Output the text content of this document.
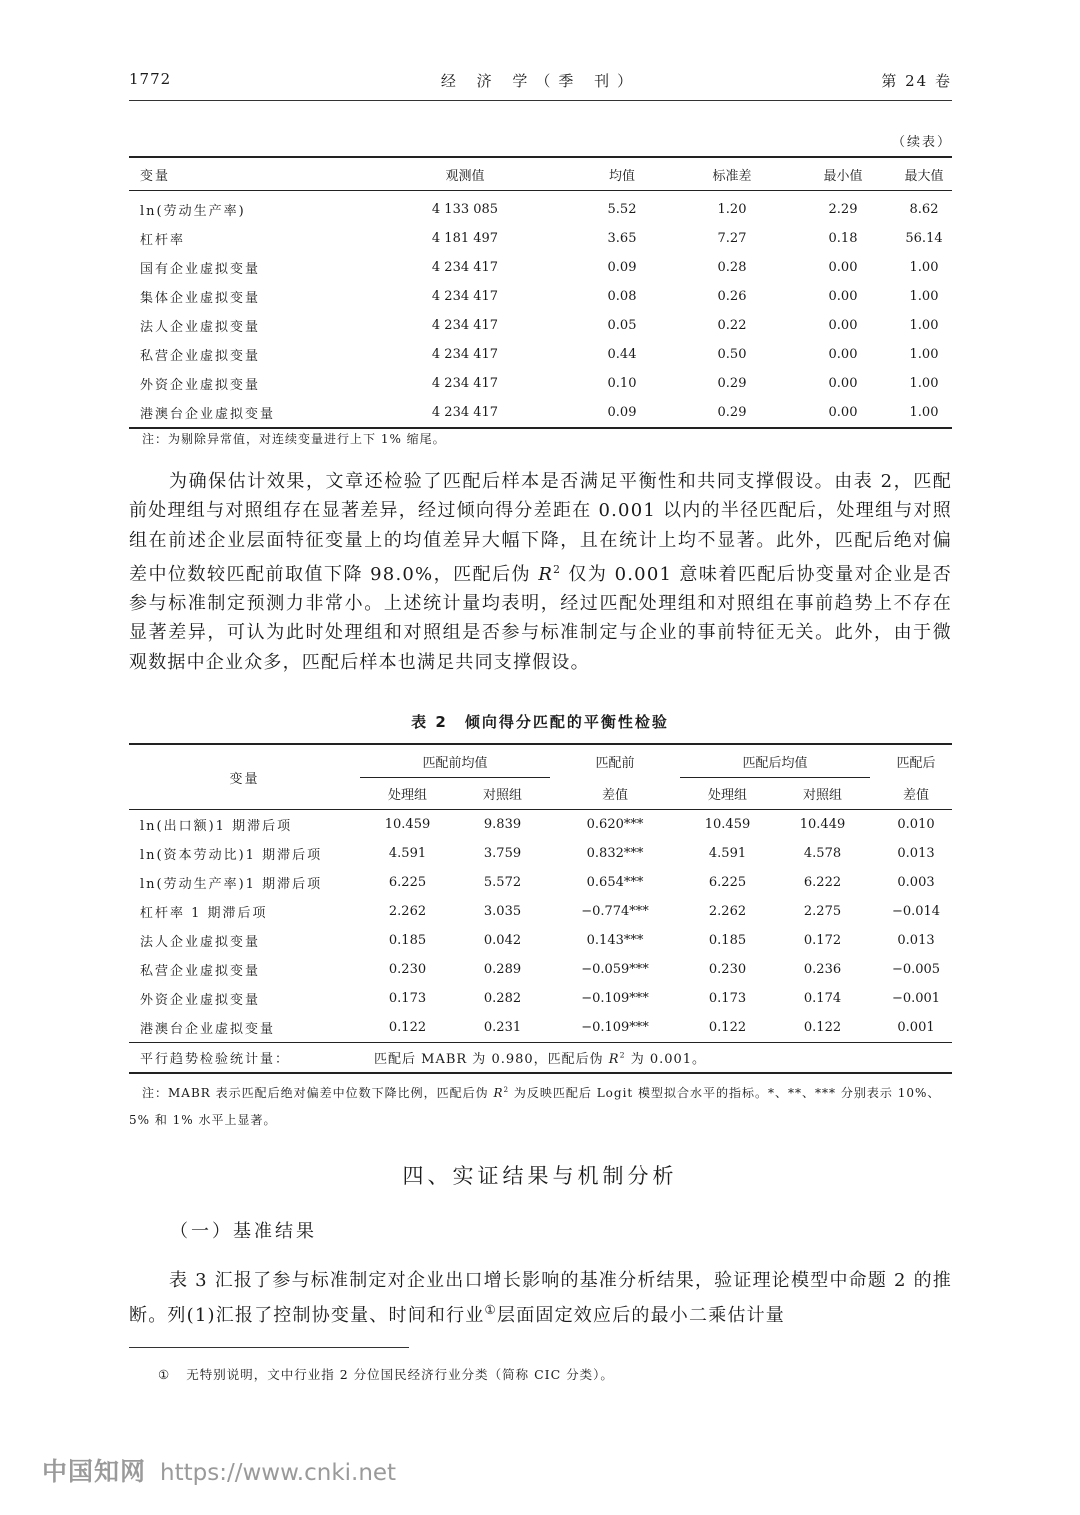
1772	经 济 学（季 刊）	第 24 卷
（续表）
变量	观测值	均值	标准差	最小值	最大值
ln(劳动生产率)	4 133 085	5.52	1.20	2.29	8.62
杠杆率	4 181 497	3.65	7.27	0.18	56.14
国有企业虚拟变量	4 234 417	0.09	0.28	0.00	1.00
集体企业虚拟变量	4 234 417	0.08	0.26	0.00	1.00
法人企业虚拟变量	4 234 417	0.05	0.22	0.00	1.00
私营企业虚拟变量	4 234 417	0.44	0.50	0.00	1.00
外资企业虚拟变量	4 234 417	0.10	0.29	0.00	1.00
港澳台企业虚拟变量	4 234 417	0.09	0.29	0.00	1.00
注：为剔除异常值，对连续变量进行上下 1% 缩尾。

为确保估计效果，文章还检验了匹配后样本是否满足平衡性和共同支撑假设。由表 2，匹配前处理组与对照组存在显著差异，经过倾向得分差距在 0.001 以内的半径匹配后，处理组与对照组在前述企业层面特征变量上的均值差异大幅下降，且在统计上均不显著。此外，匹配后绝对偏差中位数较匹配前取值下降 98.0%，匹配后伪 $R^2$ 仅为 0.001 意味着匹配后协变量对企业是否参与标准制定预测力非常小。上述统计量均表明，经过匹配处理组和对照组在事前趋势上不存在显著差异，可认为此时处理组和对照组是否参与标准制定与企业的事前特征无关。此外，由于微观数据中企业众多，匹配后样本也满足共同支撑假设。

表 2　倾向得分匹配的平衡性检验
变量	匹配前均值			匹配前		匹配后均值			匹配后
	处理组	对照组		差值		处理组	对照组		差值
ln(出口额)1 期滞后项	10.459	9.839		0.620***		10.459	10.449		0.010
ln(资本劳动比)1 期滞后项	4.591	3.759		0.832***		4.591	4.578		0.013
ln(劳动生产率)1 期滞后项	6.225	5.572		0.654***		6.225	6.222		0.003
杠杆率 1 期滞后项	2.262	3.035		−0.774***		2.262	2.275		−0.014
法人企业虚拟变量	0.185	0.042		0.143***		0.185	0.172		0.013
私营企业虚拟变量	0.230	0.289		−0.059***		0.230	0.236		−0.005
外资企业虚拟变量	0.173	0.282		−0.109***		0.173	0.174		−0.001
港澳台企业虚拟变量	0.122	0.231		−0.109***		0.122	0.122		0.001
平行趋势检验统计量：	匹配后 MABR 为 0.980，匹配后伪 $R^2$ 为 0.001。								
注：MABR 表示匹配后绝对偏差中位数下降比例，匹配后伪 $R^2$ 为反映匹配后 Logit 模型拟合水平的指标。*、**、*** 分别表示 10%、5% 和 1% 水平上显著。
四、实证结果与机制分析
（一）基准结果

表 3 汇报了参与标准制定对企业出口增长影响的基准分析结果，验证理论模型中命题 2 的推断。列(1)汇报了控制协变量、时间和行业①层面固定效应后的最小二乘估计量

① 无特别说明，文中行业指 2 分位国民经济行业分类（简称 CIC 分类）。
中国知网 https://www.cnki.net
